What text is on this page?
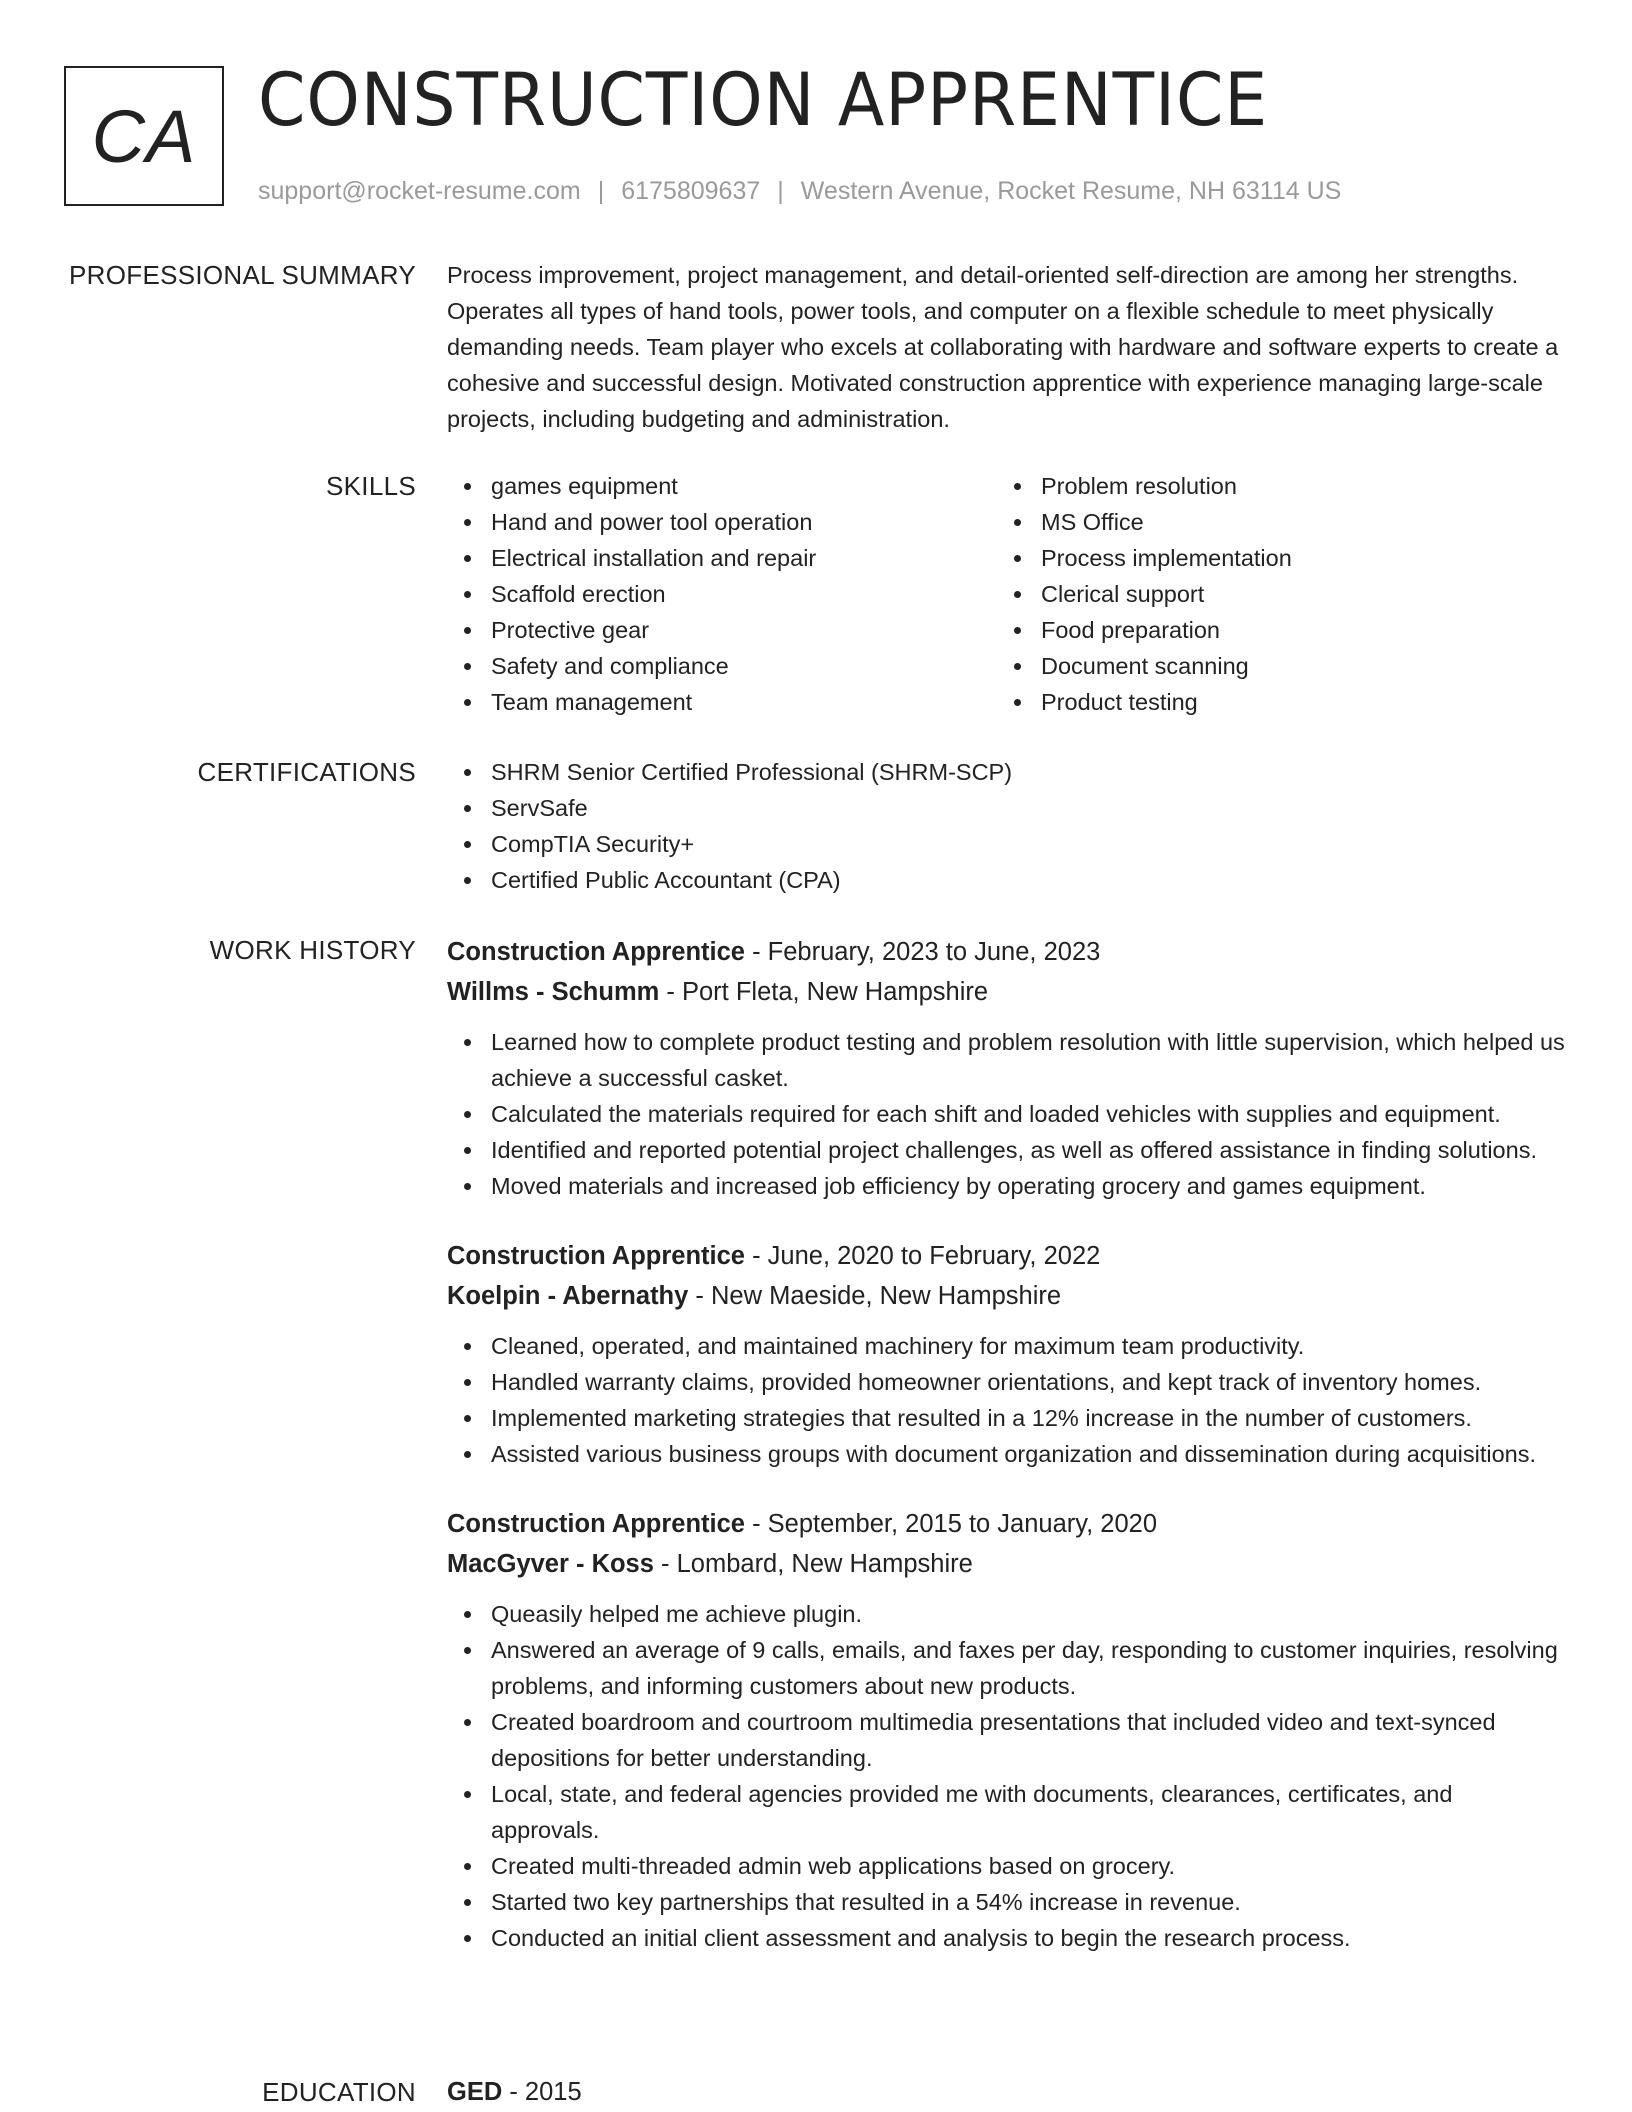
CA CONSTRUCTION APPRENTICE
support@rocket-resume.com | 6175809637 | Western Avenue, Rocket Resume, NH 63114 US
PROFESSIONAL SUMMARY Process improvement, project management, and detail-oriented self-direction are among her strengths. Operates all types of hand tools, power tools, and computer on a flexible schedule to meet physically demanding needs. Team player who excels at collaborating with hardware and software experts to create a cohesive and successful design. Motivated construction apprentice with experience managing large-scale projects, including budgeting and administration.

SKILLS	games equipment
Hand and power tool operation
Electrical installation and repair
Scaffold erection
Protective gear
Safety and compliance
Team management
Problem resolution
MS Office
Process implementation
Clerical support
Food preparation
Document scanning
Product testing
CERTIFICATIONS	SHRM Senior Certified Professional (SHRM-SCP)
ServSafe
CompTIA Security+
Certified Public Accountant (CPA)
WORK HISTORY Construction Apprentice - February, 2023 to June, 2023
Willms - Schumm - Port Fleta, New Hampshire
Learned how to complete product testing and problem resolution with little supervision, which helped us achieve a successful casket.
Calculated the materials required for each shift and loaded vehicles with supplies and equipment.
Identified and reported potential project challenges, as well as offered assistance in finding solutions.
Moved materials and increased job efficiency by operating grocery and games equipment.
Construction Apprentice - June, 2020 to February, 2022
Koelpin - Abernathy - New Maeside, New Hampshire
Cleaned, operated, and maintained machinery for maximum team productivity.
Handled warranty claims, provided homeowner orientations, and kept track of inventory homes.
Implemented marketing strategies that resulted in a 12% increase in the number of customers.
Assisted various business groups with document organization and dissemination during acquisitions.
Construction Apprentice - September, 2015 to January, 2020
MacGyver - Koss - Lombard, New Hampshire
Queasily helped me achieve plugin.
Answered an average of 9 calls, emails, and faxes per day, responding to customer inquiries, resolving problems, and informing customers about new products.
Created boardroom and courtroom multimedia presentations that included video and text-synced depositions for better understanding.
Local, state, and federal agencies provided me with documents, clearances, certificates, and approvals.
Created multi-threaded admin web applications based on grocery.
Started two key partnerships that resulted in a 54% increase in revenue.
Conducted an initial client assessment and analysis to begin the research process.
EDUCATION GED - 2015
